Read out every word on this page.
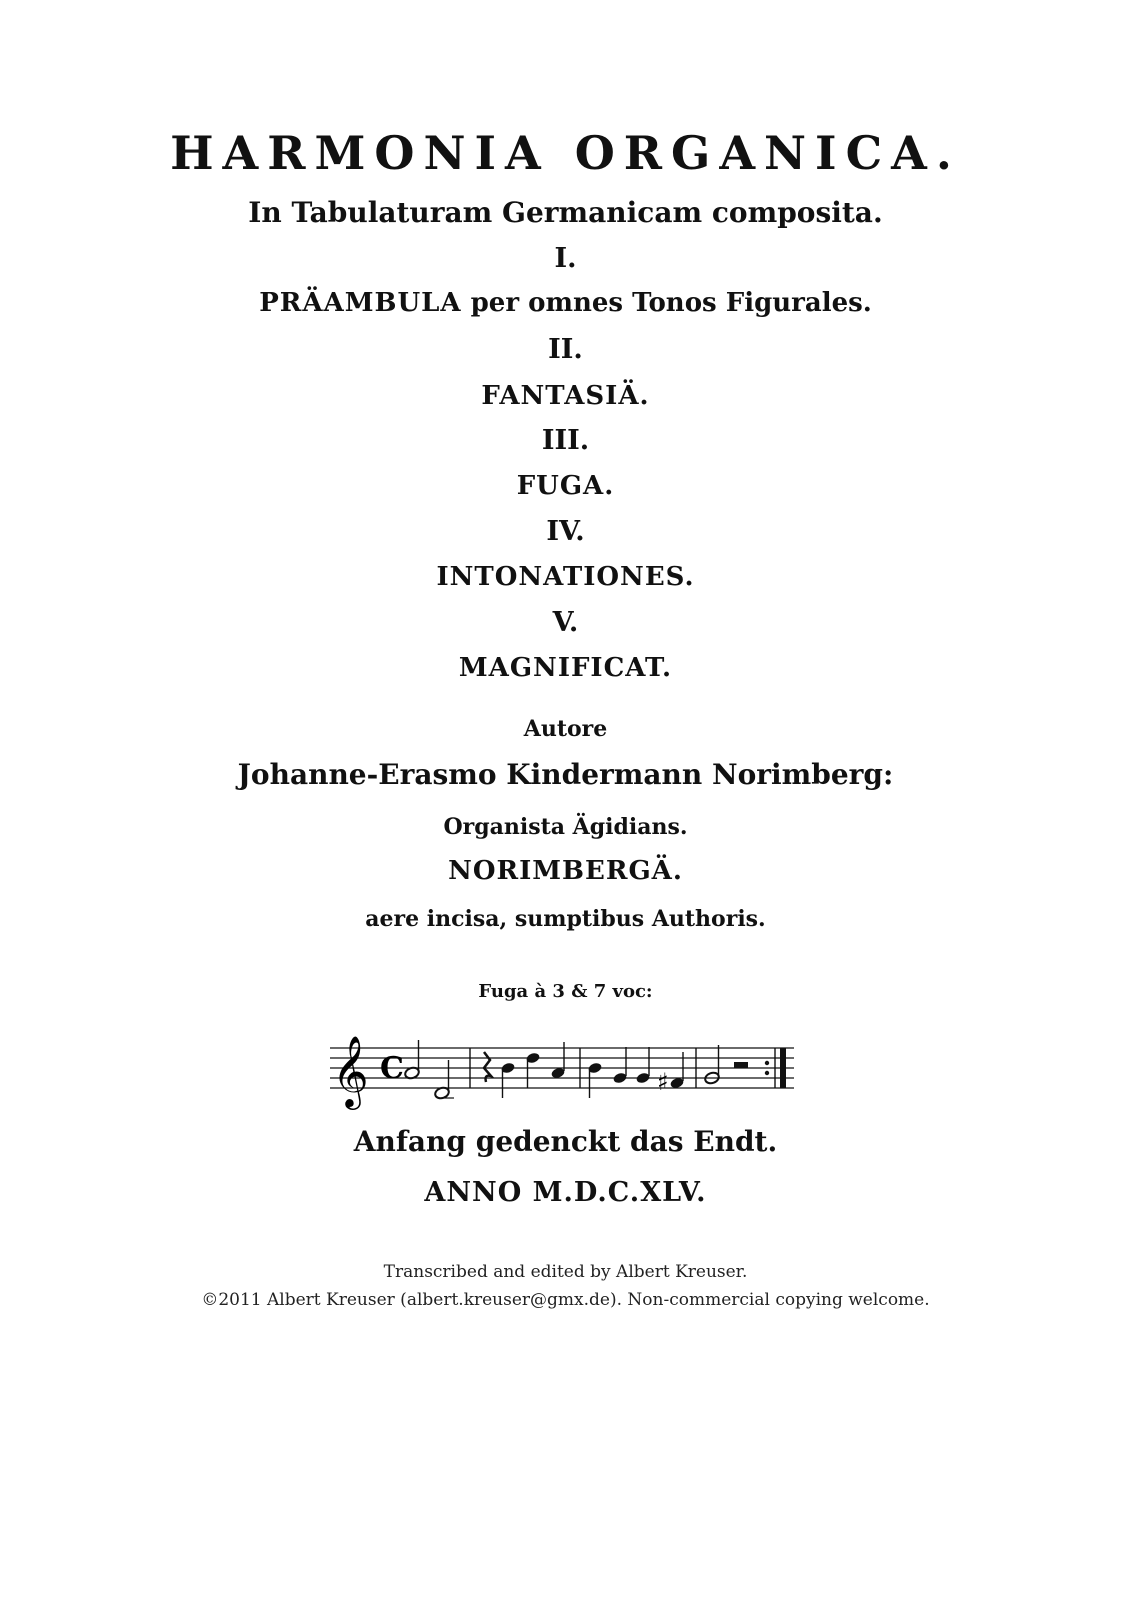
HARMONIA ORGANICA.
In Tabulaturam Germanicam composita.
I.
PRÄAMBULA per omnes Tonos Figurales.
II.
FANTASIÄ.
III.
FUGA.
IV.
INTONATIONES.
V.
MAGNIFICAT.
Autore
Johanne-Erasmo Kindermann Norimberg:
Organista Ägidians.
NORIMBERGÄ.
aere incisa, sumptibus Authoris.
Fuga à 3 & 7 voc:
𝄞 C	♯
Anfang gedenckt das Endt.
ANNO M.D.C.XLV.
Transcribed and edited by Albert Kreuser.
©2011 Albert Kreuser (albert.kreuser@gmx.de). Non-commercial copying welcome.
